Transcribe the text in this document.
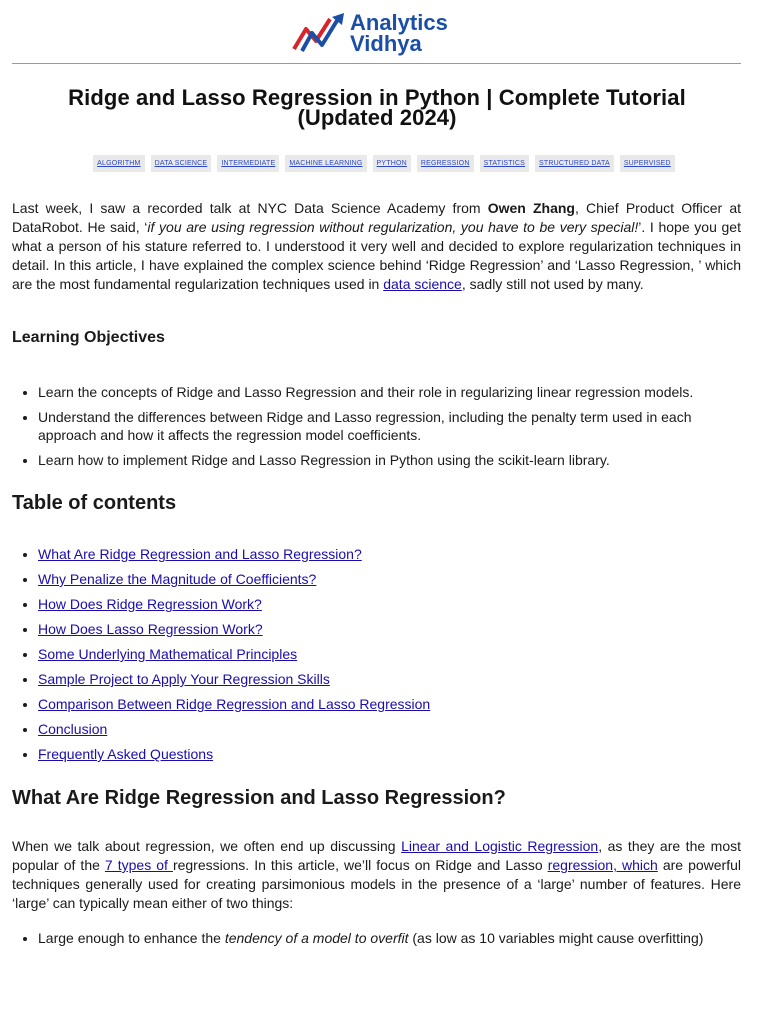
Analytics
Vidhya
Ridge and Lasso Regression in Python | Complete Tutorial
(Updated 2024)
ALGORITHM	DATA SCIENCE	INTERMEDIATE	MACHINE LEARNING	PYTHON	REGRESSION	STATISTICS	STRUCTURED DATA	SUPERVISED

Last week, I saw a recorded talk at NYC Data Science Academy from Owen Zhang, Chief Product Officer at DataRobot. He said, ‘if you are using regression without regularization, you have to be very special!’. I hope you get what a person of his stature referred to. I understood it very well and decided to explore regularization techniques in detail. In this article, I have explained the complex science behind ‘Ridge Regression’ and ‘Lasso Regression, ’ which are the most fundamental regularization techniques used in data science, sadly still not used by many.

Learning Objectives
• Learn the concepts of Ridge and Lasso Regression and their role in regularizing linear regression models.
• Understand the differences between Ridge and Lasso regression, including the penalty term used in each approach and how it affects the regression model coefficients.
• Learn how to implement Ridge and Lasso Regression in Python using the scikit-learn library.
Table of contents
• What Are Ridge Regression and Lasso Regression?
• Why Penalize the Magnitude of Coefficients?
• How Does Ridge Regression Work?
• How Does Lasso Regression Work?
• Some Underlying Mathematical Principles
• Sample Project to Apply Your Regression Skills
• Comparison Between Ridge Regression and Lasso Regression
• Conclusion
• Frequently Asked Questions
What Are Ridge Regression and Lasso Regression?

When we talk about regression, we often end up discussing Linear and Logistic Regression, as they are the most popular of the 7 types of regressions. In this article, we’ll focus on Ridge and Lasso regression, which are powerful techniques generally used for creating parsimonious models in the presence of a ‘large’ number of features. Here ‘large’ can typically mean either of two things:

• Large enough to enhance the tendency of a model to overfit (as low as 10 variables might cause overfitting)
